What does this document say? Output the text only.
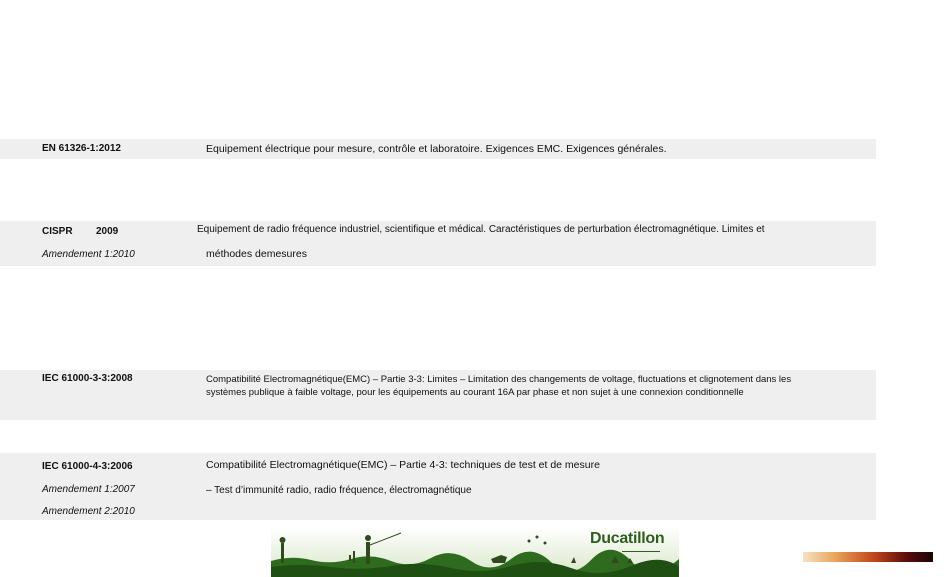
EN 61326-1:2012	Equipement électrique pour mesure, contrôle et laboratoire. Exigences EMC. Exigences générales.
CISPR 2009
Amendement 1:2010
Equipement de radio fréquence industriel, scientifique et médical. Caractéristiques de perturbation électromagnétique. Limites et
méthodes demesures
IEC 61000-3-3:2008	Compatibilité Electromagnétique(EMC) – Partie 3-3: Limites – Limitation des changements de voltage, fluctuations et clignotement dans les systèmes publique à faible voltage, pour les équipements au courant 16A par phase et non sujet à une connexion conditionnelle
IEC 61000-4-3:2006
Amendement 1:2007
Amendement 2:2010
Compatibilité Electromagnétique(EMC) – Partie 4-3: techniques de test et de mesure
– Test d’immunité radio, radio fréquence, électromagnétique
Ducatillon
